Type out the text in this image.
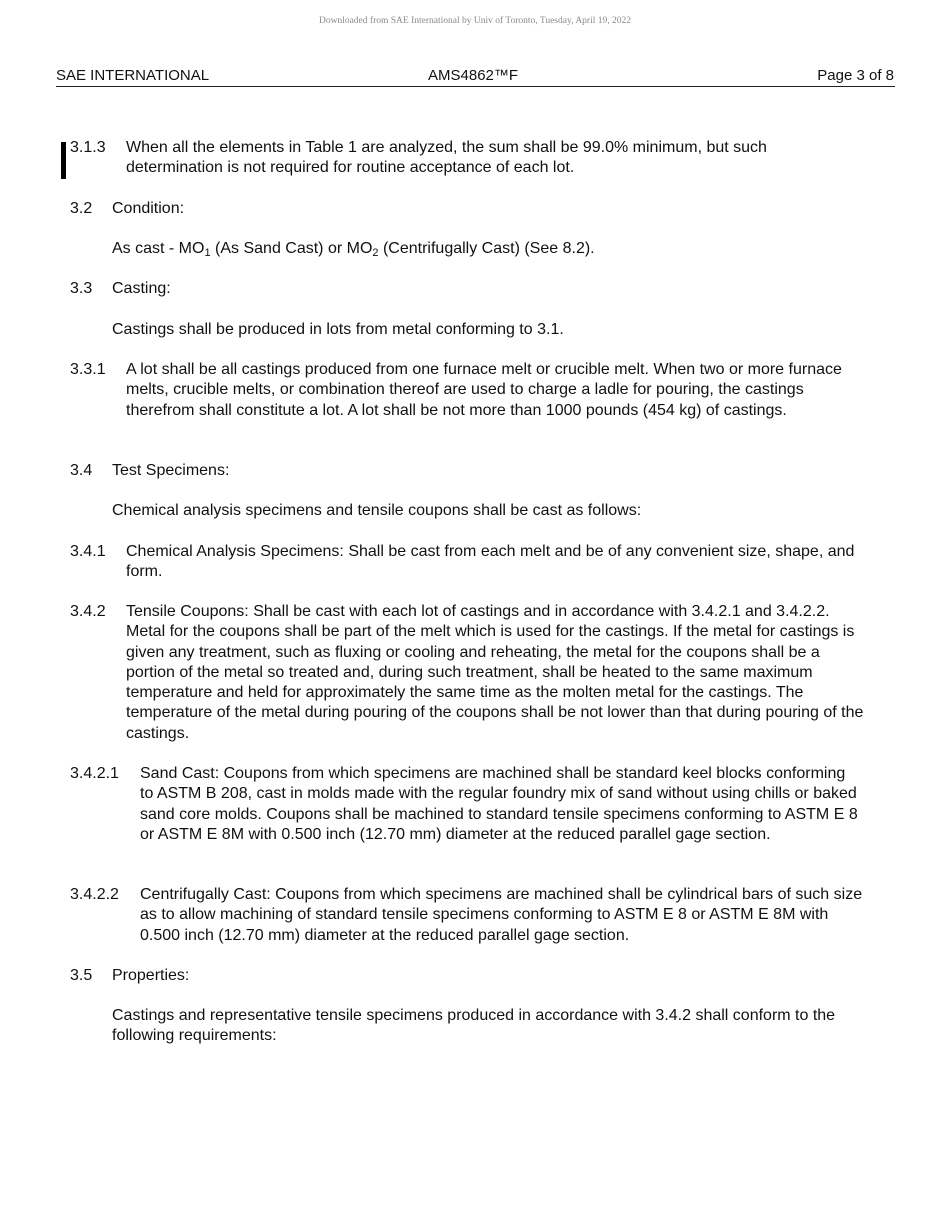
Downloaded from SAE International by Univ of Toronto, Tuesday, April 19, 2022
SAE INTERNATIONAL	AMS4862™F	Page 3 of 8
3.1.3 When all the elements in Table 1 are analyzed, the sum shall be 99.0% minimum, but such determination is not required for routine acceptance of each lot.
3.2 Condition:
As cast - $MO_1$ (As Sand Cast) or $MO_2$ (Centrifugally Cast) (See 8.2).
3.3 Casting:
Castings shall be produced in lots from metal conforming to 3.1.
3.3.1 A lot shall be all castings produced from one furnace melt or crucible melt. When two or more furnace melts, crucible melts, or combination thereof are used to charge a ladle for pouring, the castings therefrom shall constitute a lot. A lot shall be not more than 1000 pounds (454 kg) of castings.
3.4 Test Specimens:
Chemical analysis specimens and tensile coupons shall be cast as follows:
3.4.1 Chemical Analysis Specimens: Shall be cast from each melt and be of any convenient size, shape, and form.
3.4.2 Tensile Coupons: Shall be cast with each lot of castings and in accordance with 3.4.2.1 and 3.4.2.2. Metal for the coupons shall be part of the melt which is used for the castings. If the metal for castings is given any treatment, such as fluxing or cooling and reheating, the metal for the coupons shall be a portion of the metal so treated and, during such treatment, shall be heated to the same maximum temperature and held for approximately the same time as the molten metal for the castings. The temperature of the metal during pouring of the coupons shall be not lower than that during pouring of the castings.
3.4.2.1 Sand Cast: Coupons from which specimens are machined shall be standard keel blocks conforming to ASTM B 208, cast in molds made with the regular foundry mix of sand without using chills or baked sand core molds. Coupons shall be machined to standard tensile specimens conforming to ASTM E 8 or ASTM E 8M with 0.500 inch (12.70 mm) diameter at the reduced parallel gage section.
3.4.2.2 Centrifugally Cast: Coupons from which specimens are machined shall be cylindrical bars of such size as to allow machining of standard tensile specimens conforming to ASTM E 8 or ASTM E 8M with 0.500 inch (12.70 mm) diameter at the reduced parallel gage section.
3.5 Properties:
Castings and representative tensile specimens produced in accordance with 3.4.2 shall conform to the following requirements:
